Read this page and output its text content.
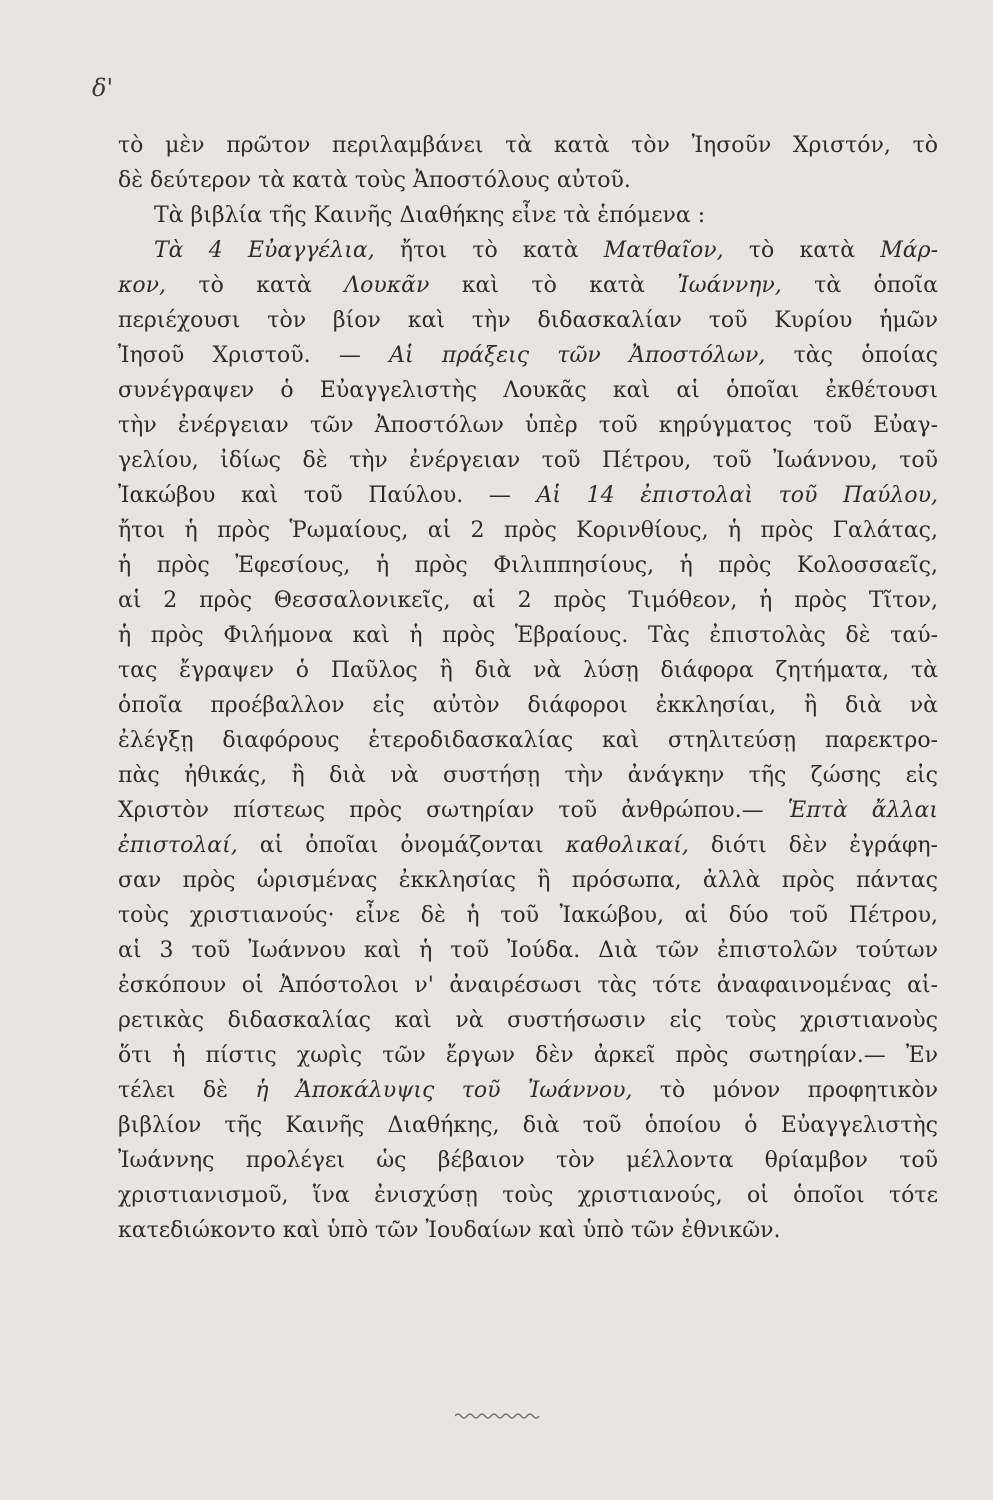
δ'
τὸ μὲν πρῶτον περιλαμβάνει τὰ κατὰ τὸν Ἰησοῦν Χριστόν, τὸ
δὲ δεύτερον τὰ κατὰ τοὺς Ἀποστόλους αὐτοῦ.
Τὰ βιβλία τῆς Καινῆς Διαθήκης εἶνε τὰ ἑπόμενα :
Τὰ 4 Εὐαγγέλια, ἤτοι τὸ κατὰ Ματθαῖον, τὸ κατὰ Μάρ-
κον, τὸ κατὰ Λουκᾶν καὶ τὸ κατὰ Ἰωάννην, τὰ ὁποῖα
περιέχουσι τὸν βίον καὶ τὴν διδασκαλίαν τοῦ Κυρίου ἡμῶν
Ἰησοῦ Χριστοῦ. — Αἱ πράξεις τῶν Ἀποστόλων, τὰς ὁποίας
συνέγραψεν ὁ Εὐαγγελιστὴς Λουκᾶς καὶ αἱ ὁποῖαι ἐκθέτουσι
τὴν ἐνέργειαν τῶν Ἀποστόλων ὑπὲρ τοῦ κηρύγματος τοῦ Εὐαγ-
γελίου, ἰδίως δὲ τὴν ἐνέργειαν τοῦ Πέτρου, τοῦ Ἰωάννου, τοῦ
Ἰακώβου καὶ τοῦ Παύλου. — Αἱ 14 ἐπιστολαὶ τοῦ Παύλου,
ἤτοι ἡ πρὸς Ῥωμαίους, αἱ 2 πρὸς Κορινθίους, ἡ πρὸς Γαλάτας,
ἡ πρὸς Ἐφεσίους, ἡ πρὸς Φιλιππησίους, ἡ πρὸς Κολοσσαεῖς,
αἱ 2 πρὸς Θεσσαλονικεῖς, αἱ 2 πρὸς Τιμόθεον, ἡ πρὸς Τῖτον,
ἡ πρὸς Φιλήμονα καὶ ἡ πρὸς Ἑβραίους. Τὰς ἐπιστολὰς δὲ ταύ-
τας ἔγραψεν ὁ Παῦλος ἢ διὰ νὰ λύσῃ διάφορα ζητήματα, τὰ
ὁποῖα προέβαλλον εἰς αὐτὸν διάφοροι ἐκκλησίαι, ἢ διὰ νὰ
ἐλέγξῃ διαφόρους ἑτεροδιδασκαλίας καὶ στηλιτεύσῃ παρεκτρο-
πὰς ἠθικάς, ἢ διὰ νὰ συστήσῃ τὴν ἀνάγκην τῆς ζώσης εἰς
Χριστὸν πίστεως πρὸς σωτηρίαν τοῦ ἀνθρώπου.— Ἑπτὰ ἄλλαι
ἐπιστολαί, αἱ ὁποῖαι ὀνομάζονται καθολικαί, διότι δὲν ἐγράφη-
σαν πρὸς ὡρισμένας ἐκκλησίας ἢ πρόσωπα, ἀλλὰ πρὸς πάντας
τοὺς χριστιανούς· εἶνε δὲ ἡ τοῦ Ἰακώβου, αἱ δύο τοῦ Πέτρου,
αἱ 3 τοῦ Ἰωάννου καὶ ἡ τοῦ Ἰούδα. Διὰ τῶν ἐπιστολῶν τούτων
ἐσκόπουν οἱ Ἀπόστολοι ν' ἀναιρέσωσι τὰς τότε ἀναφαινομένας αἱ-
ρετικὰς διδασκαλίας καὶ νὰ συστήσωσιν εἰς τοὺς χριστιανοὺς
ὅτι ἡ πίστις χωρὶς τῶν ἔργων δὲν ἀρκεῖ πρὸς σωτηρίαν.— Ἐν
τέλει δὲ ἡ Ἀποκάλυψις τοῦ Ἰωάννου, τὸ μόνον προφητικὸν
βιβλίον τῆς Καινῆς Διαθήκης, διὰ τοῦ ὁποίου ὁ Εὐαγγελιστὴς
Ἰωάννης προλέγει ὡς βέβαιον τὸν μέλλοντα θρίαμβον τοῦ
χριστιανισμοῦ, ἵνα ἐνισχύσῃ τοὺς χριστιανούς, οἱ ὁποῖοι τότε
κατεδιώκοντο καὶ ὑπὸ τῶν Ἰουδαίων καὶ ὑπὸ τῶν ἐθνικῶν.
